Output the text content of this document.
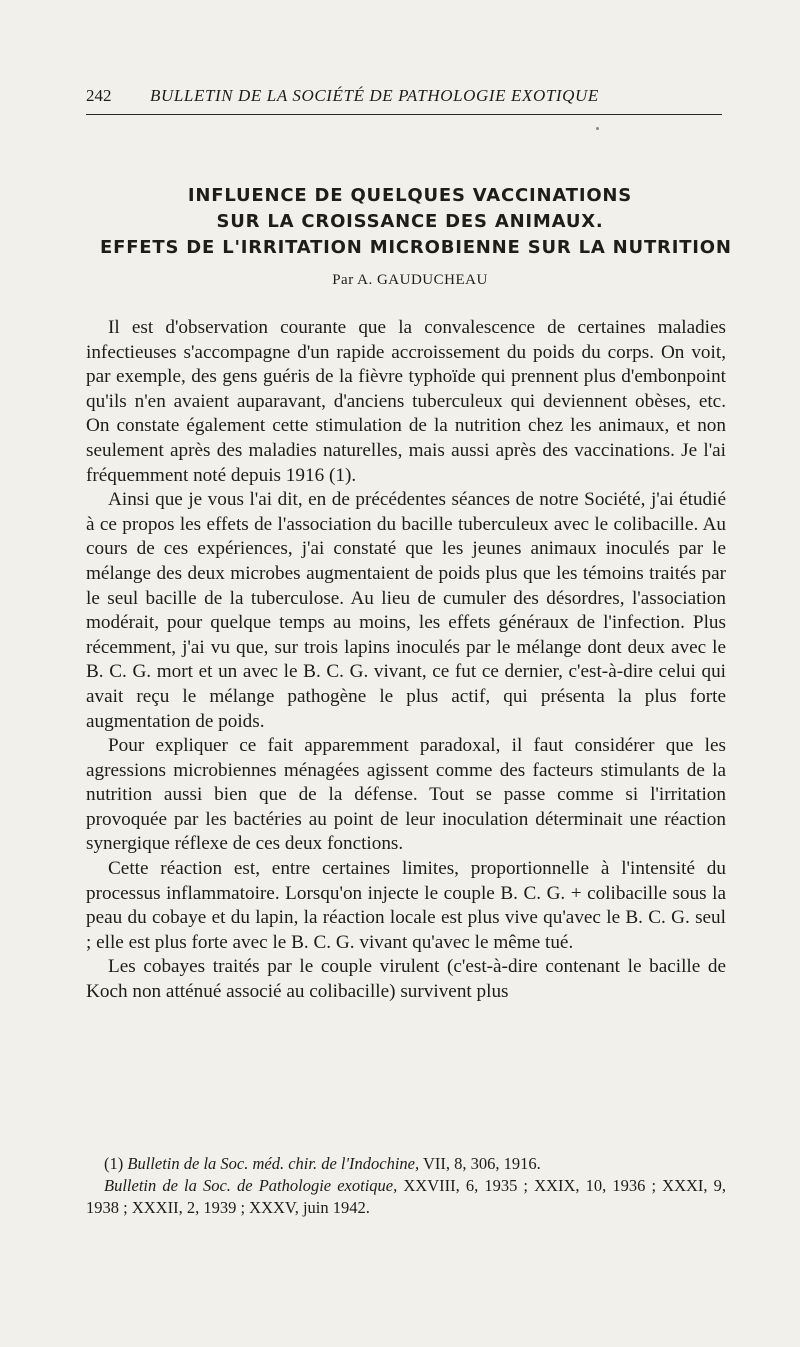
242 BULLETIN DE LA SOCIÉTÉ DE PATHOLOGIE EXOTIQUE
INFLUENCE DE QUELQUES VACCINATIONS
SUR LA CROISSANCE DES ANIMAUX.
EFFETS DE L'IRRITATION MICROBIENNE SUR LA NUTRITION
Par A. GAUDUCHEAU

Il est d'observation courante que la convalescence de certaines maladies infectieuses s'accompagne d'un rapide accroissement du poids du corps. On voit, par exemple, des gens guéris de la fièvre typhoïde qui prennent plus d'embonpoint qu'ils n'en avaient auparavant, d'anciens tuberculeux qui deviennent obèses, etc. On constate également cette stimulation de la nutrition chez les animaux, et non seulement après des maladies naturelles, mais aussi après des vaccinations. Je l'ai fréquemment noté depuis 1916 (1).

Ainsi que je vous l'ai dit, en de précédentes séances de notre Société, j'ai étudié à ce propos les effets de l'association du bacille tuberculeux avec le colibacille. Au cours de ces expériences, j'ai constaté que les jeunes animaux inoculés par le mélange des deux microbes augmentaient de poids plus que les témoins traités par le seul bacille de la tuberculose. Au lieu de cumuler des désordres, l'association modérait, pour quelque temps au moins, les effets généraux de l'infection. Plus récemment, j'ai vu que, sur trois lapins inoculés par le mélange dont deux avec le B. C. G. mort et un avec le B. C. G. vivant, ce fut ce dernier, c'est-à-dire celui qui avait reçu le mélange pathogène le plus actif, qui présenta la plus forte augmentation de poids.

Pour expliquer ce fait apparemment paradoxal, il faut considérer que les agressions microbiennes ménagées agissent comme des facteurs stimulants de la nutrition aussi bien que de la défense. Tout se passe comme si l'irritation provoquée par les bactéries au point de leur inoculation déterminait une réaction synergique réflexe de ces deux fonctions.

Cette réaction est, entre certaines limites, proportionnelle à l'intensité du processus inflammatoire. Lorsqu'on injecte le couple B. C. G. + colibacille sous la peau du cobaye et du lapin, la réaction locale est plus vive qu'avec le B. C. G. seul ; elle est plus forte avec le B. C. G. vivant qu'avec le même tué.

Les cobayes traités par le couple virulent (c'est-à-dire contenant le bacille de Koch non atténué associé au colibacille) survivent plus

(1) Bulletin de la Soc. méd. chir. de l'Indochine, VII, 8, 306, 1916.

Bulletin de la Soc. de Pathologie exotique, XXVIII, 6, 1935 ; XXIX, 10, 1936 ; XXXI, 9, 1938 ; XXXII, 2, 1939 ; XXXV, juin 1942.
